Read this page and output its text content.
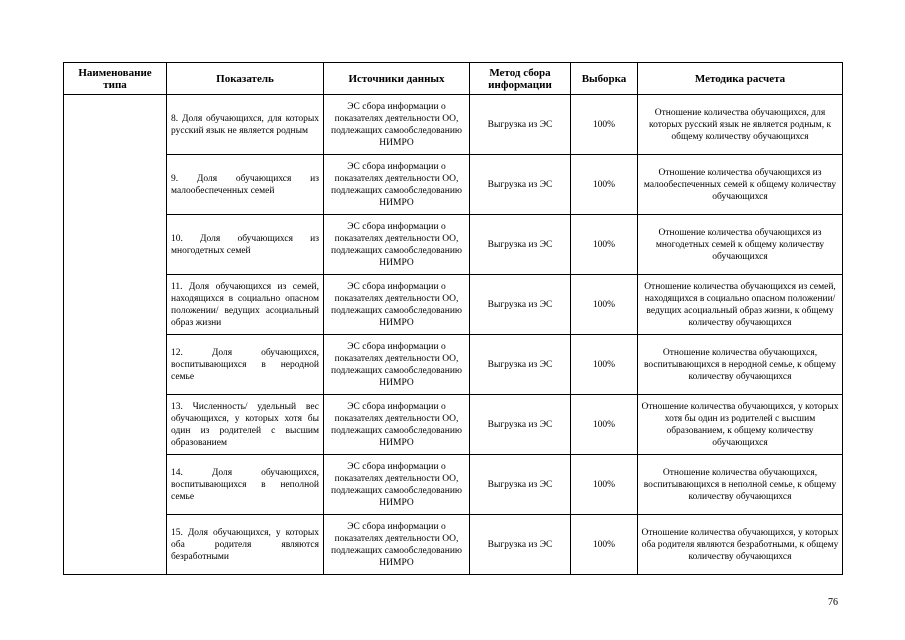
Наименование типа	Показатель	Источники данных	Метод сбора информации	Выборка	Методика расчета
	8. Доля обучающихся, для которых русский язык не является родным	ЭС сбора информации о показателях деятельности ОО, подлежащих самообследованию НИМРО	Выгрузка из ЭС	100%	Отношение количества обучающихся, для которых русский язык не является родным, к общему количеству обучающихся
	9. Доля обучающихся из малообеспеченных семей	ЭС сбора информации о показателях деятельности ОО, подлежащих самообследованию НИМРО	Выгрузка из ЭС	100%	Отношение количества обучающихся из малообеспеченных семей к общему количеству обучающихся
	10. Доля обучающихся из многодетных семей	ЭС сбора информации о показателях деятельности ОО, подлежащих самообследованию НИМРО	Выгрузка из ЭС	100%	Отношение количества обучающихся из многодетных семей к общему количеству обучающихся
	11. Доля обучающихся из семей, находящихся в социально опасном положении/ ведущих асоциальный образ жизни	ЭС сбора информации о показателях деятельности ОО, подлежащих самообследованию НИМРО	Выгрузка из ЭС	100%	Отношение количества обучающихся из семей, находящихся в социально опасном положении/ ведущих асоциальный образ жизни, к общему количеству обучающихся
	12. Доля обучающихся, воспитывающихся в неродной семье	ЭС сбора информации о показателях деятельности ОО, подлежащих самообследованию НИМРО	Выгрузка из ЭС	100%	Отношение количества обучающихся, воспитывающихся в неродной семье, к общему количеству обучающихся
	13. Численность/ удельный вес обучающихся, у которых хотя бы один из родителей с высшим образованием	ЭС сбора информации о показателях деятельности ОО, подлежащих самообследованию НИМРО	Выгрузка из ЭС	100%	Отношение количества обучающихся, у которых хотя бы один из родителей с высшим образованием, к общему количеству обучающихся
	14. Доля обучающихся, воспитывающихся в неполной семье	ЭС сбора информации о показателях деятельности ОО, подлежащих самообследованию НИМРО	Выгрузка из ЭС	100%	Отношение количества обучающихся, воспитывающихся в неполной семье, к общему количеству обучающихся
	15. Доля обучающихся, у которых оба родителя являются безработными	ЭС сбора информации о показателях деятельности ОО, подлежащих самообследованию НИМРО	Выгрузка из ЭС	100%	Отношение количества обучающихся, у которых оба родителя являются безработными, к общему количеству обучающихся
76
